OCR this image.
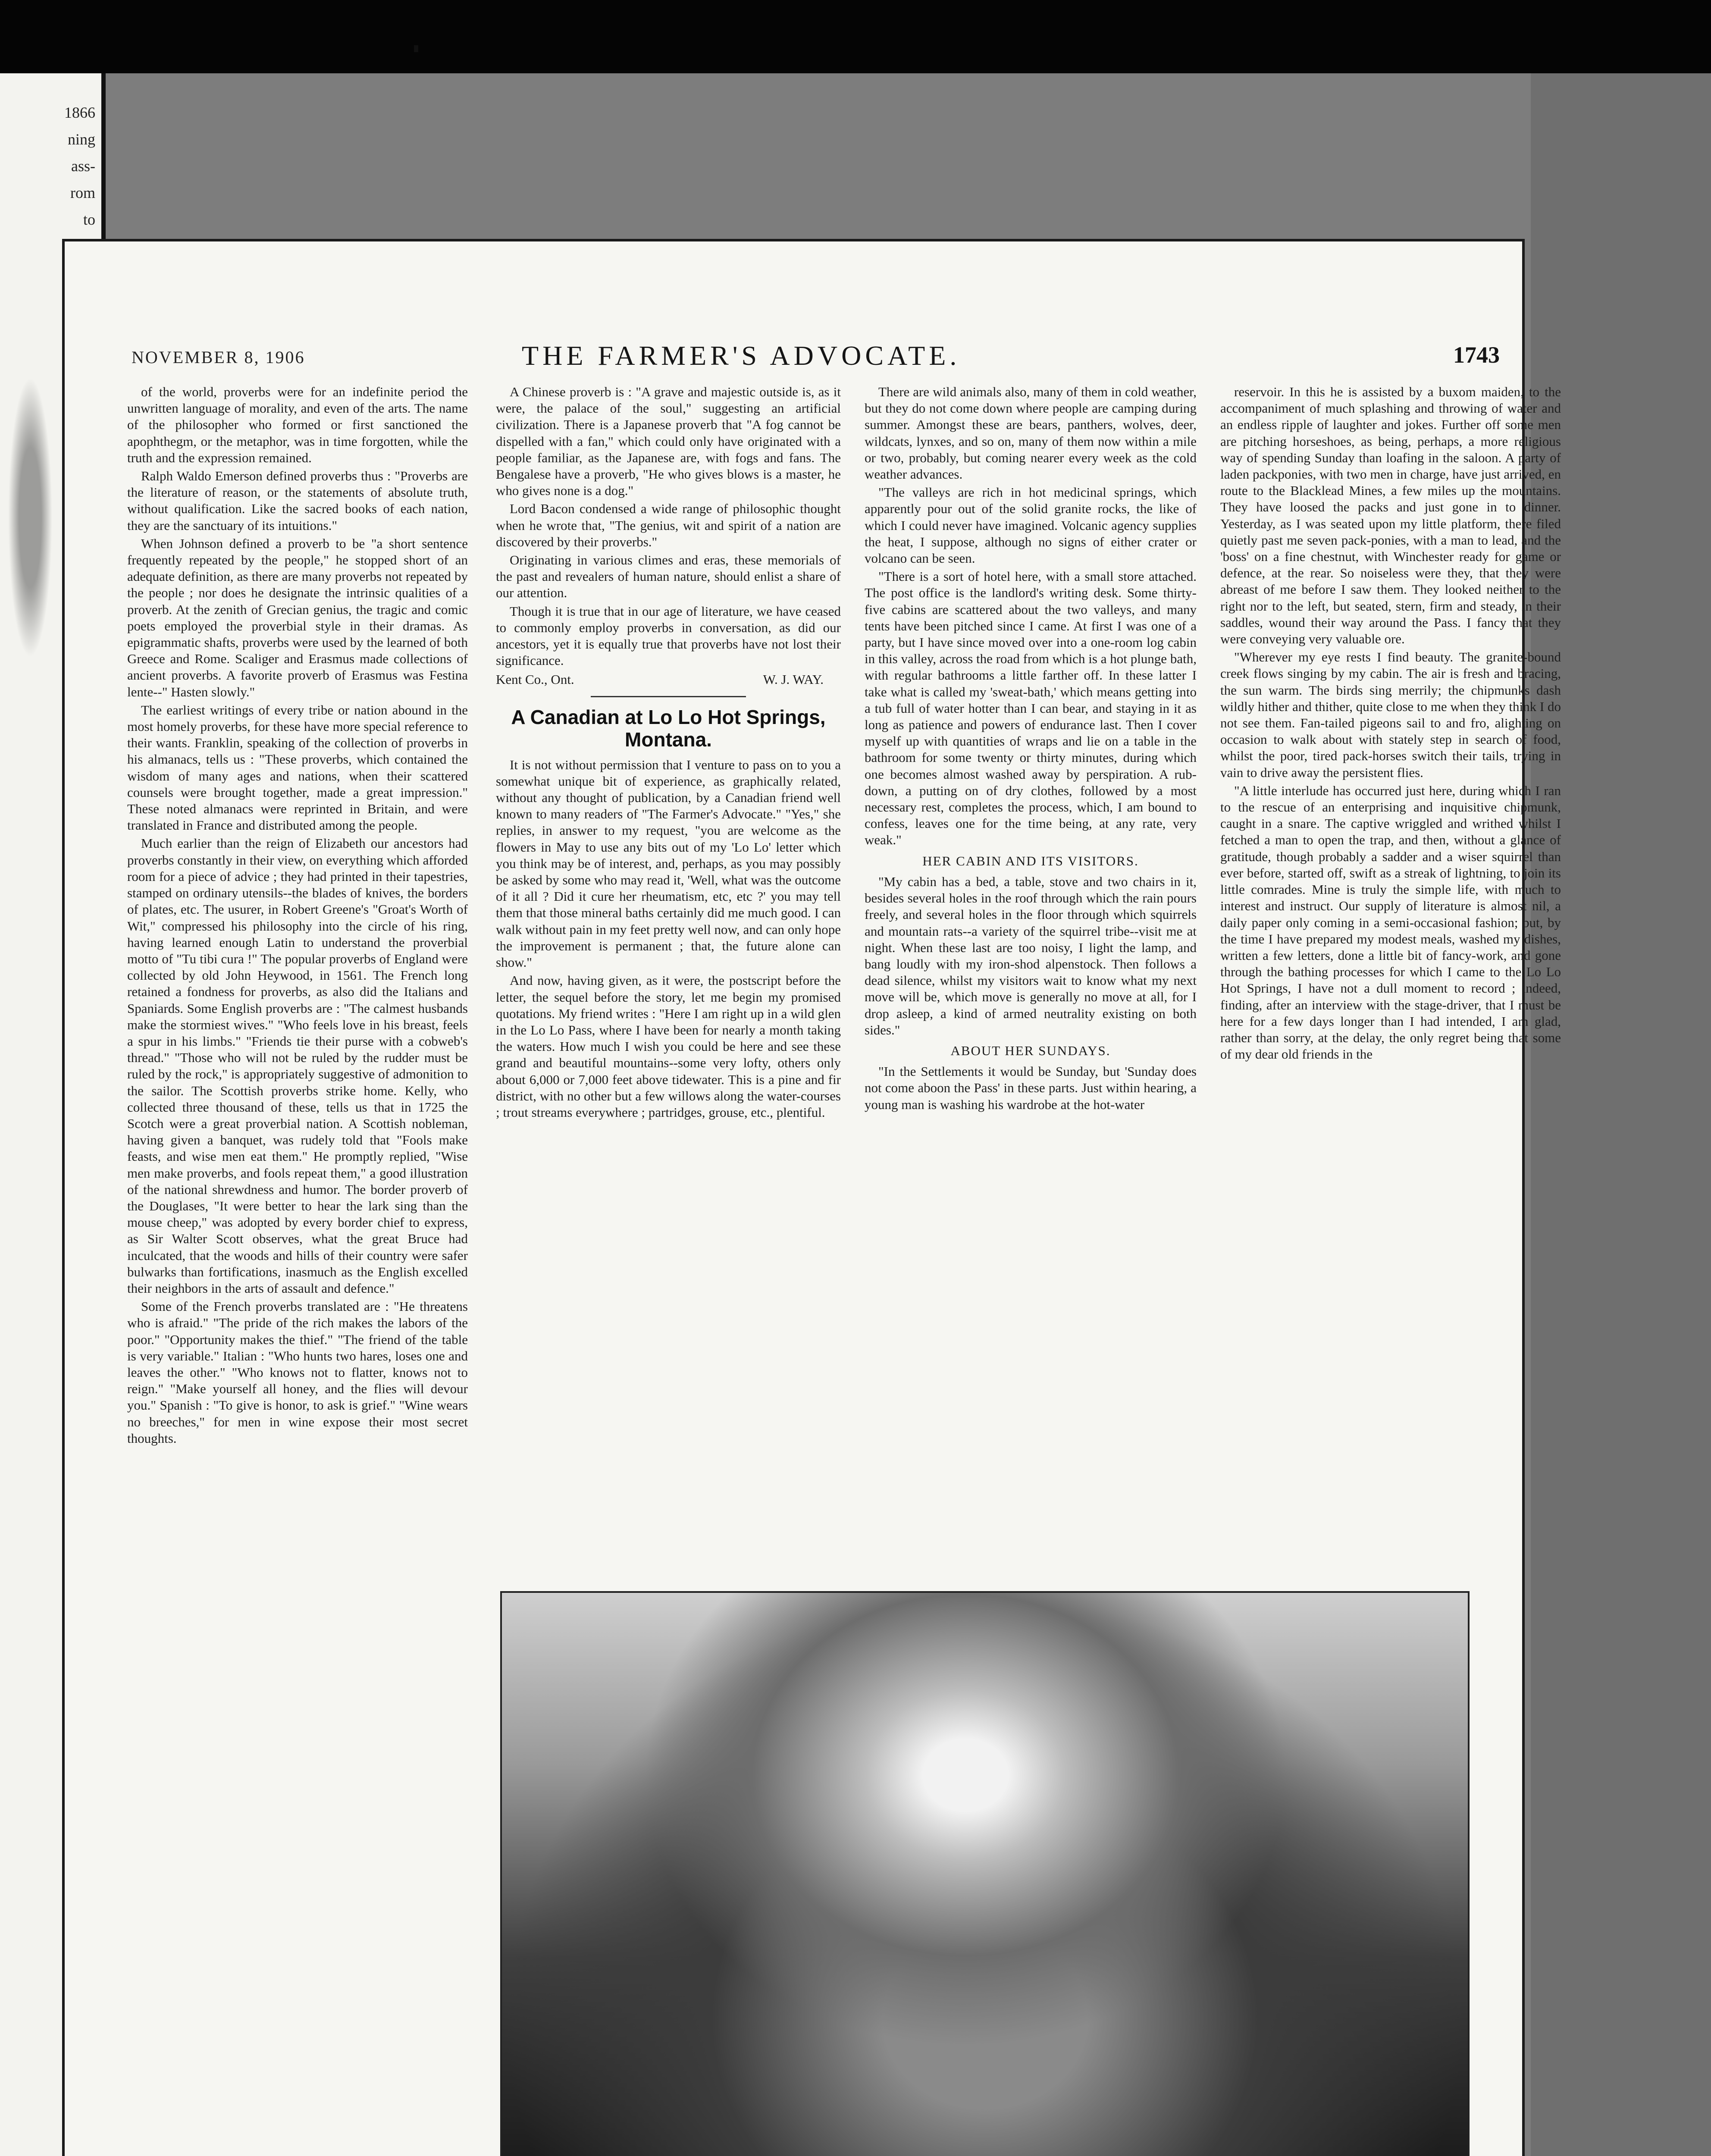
1866
ning
ass-
rom
to
NOVEMBER 8, 1906	THE FARMER'S ADVOCATE.	1743

of the world, proverbs were for an indefinite period the unwritten language of morality, and even of the arts. The name of the philosopher who formed or first sanctioned the apophthegm, or the metaphor, was in time forgotten, while the truth and the expression remained.

Ralph Waldo Emerson defined proverbs thus : "Proverbs are the literature of reason, or the statements of absolute truth, without qualification. Like the sacred books of each nation, they are the sanctuary of its intuitions."

When Johnson defined a proverb to be "a short sentence frequently repeated by the people," he stopped short of an adequate definition, as there are many proverbs not repeated by the people ; nor does he designate the intrinsic qualities of a proverb. At the zenith of Grecian genius, the tragic and comic poets employed the proverbial style in their dramas. As epigrammatic shafts, proverbs were used by the learned of both Greece and Rome. Scaliger and Erasmus made collections of ancient proverbs. A favorite proverb of Erasmus was Festina lente--" Hasten slowly."

The earliest writings of every tribe or nation abound in the most homely proverbs, for these have more special reference to their wants. Franklin, speaking of the collection of proverbs in his almanacs, tells us : "These proverbs, which contained the wisdom of many ages and nations, when their scattered counsels were brought together, made a great impression." These noted almanacs were reprinted in Britain, and were translated in France and distributed among the people.

Much earlier than the reign of Elizabeth our ancestors had proverbs constantly in their view, on everything which afforded room for a piece of advice ; they had printed in their tapestries, stamped on ordinary utensils--the blades of knives, the borders of plates, etc. The usurer, in Robert Greene's "Groat's Worth of Wit," compressed his philosophy into the circle of his ring, having learned enough Latin to understand the proverbial motto of "Tu tibi cura !" The popular proverbs of England were collected by old John Heywood, in 1561. The French long retained a fondness for proverbs, as also did the Italians and Spaniards. Some English proverbs are : "The calmest husbands make the stormiest wives." "Who feels love in his breast, feels a spur in his limbs." "Friends tie their purse with a cobweb's thread." "Those who will not be ruled by the rudder must be ruled by the rock," is appropriately suggestive of admonition to the sailor. The Scottish proverbs strike home. Kelly, who collected three thousand of these, tells us that in 1725 the Scotch were a great proverbial nation. A Scottish nobleman, having given a banquet, was rudely told that "Fools make feasts, and wise men eat them." He promptly replied, "Wise men make proverbs, and fools repeat them," a good illustration of the national shrewdness and humor. The border proverb of the Douglases, "It were better to hear the lark sing than the mouse cheep," was adopted by every border chief to express, as Sir Walter Scott observes, what the great Bruce had inculcated, that the woods and hills of their country were safer bulwarks than fortifications, inasmuch as the English excelled their neighbors in the arts of assault and defence."

Some of the French proverbs translated are : "He threatens who is afraid." "The pride of the rich makes the labors of the poor." "Opportunity makes the thief." "The friend of the table is very variable." Italian : "Who hunts two hares, loses one and leaves the other." "Who knows not to flatter, knows not to reign." "Make yourself all honey, and the flies will devour you." Spanish : "To give is honor, to ask is grief." "Wine wears no breeches," for men in wine expose their most secret thoughts.

A Chinese proverb is : "A grave and majestic outside is, as it were, the palace of the soul," suggesting an artificial civilization. There is a Japanese proverb that "A fog cannot be dispelled with a fan," which could only have originated with a people familiar, as the Japanese are, with fogs and fans. The Bengalese have a proverb, "He who gives blows is a master, he who gives none is a dog."

Lord Bacon condensed a wide range of philosophic thought when he wrote that, "The genius, wit and spirit of a nation are discovered by their proverbs."

Originating in various climes and eras, these memorials of the past and revealers of human nature, should enlist a share of our attention.

Though it is true that in our age of literature, we have ceased to commonly employ proverbs in conversation, as did our ancestors, yet it is equally true that proverbs have not lost their significance.

Kent Co., Ont.	W. J. WAY.
A Canadian at Lo Lo Hot Springs, Montana.

It is not without permission that I venture to pass on to you a somewhat unique bit of experience, as graphically related, without any thought of publication, by a Canadian friend well known to many readers of "The Farmer's Advocate." "Yes," she replies, in answer to my request, "you are welcome as the flowers in May to use any bits out of my 'Lo Lo' letter which you think may be of interest, and, perhaps, as you may possibly be asked by some who may read it, 'Well, what was the outcome of it all ? Did it cure her rheumatism, etc, etc ?' you may tell them that those mineral baths certainly did me much good. I can walk without pain in my feet pretty well now, and can only hope the improvement is permanent ; that, the future alone can show."

And now, having given, as it were, the postscript before the letter, the sequel before the story, let me begin my promised quotations. My friend writes : "Here I am right up in a wild glen in the Lo Lo Pass, where I have been for nearly a month taking the waters. How much I wish you could be here and see these grand and beautiful mountains--some very lofty, others only about 6,000 or 7,000 feet above tidewater. This is a pine and fir district, with no other but a few willows along the water-courses ; trout streams everywhere ; partridges, grouse, etc., plentiful.

There are wild animals also, many of them in cold weather, but they do not come down where people are camping during summer. Amongst these are bears, panthers, wolves, deer, wildcats, lynxes, and so on, many of them now within a mile or two, probably, but coming nearer every week as the cold weather advances.

"The valleys are rich in hot medicinal springs, which apparently pour out of the solid granite rocks, the like of which I could never have imagined. Volcanic agency supplies the heat, I suppose, although no signs of either crater or volcano can be seen.

"There is a sort of hotel here, with a small store attached. The post office is the landlord's writing desk. Some thirty-five cabins are scattered about the two valleys, and many tents have been pitched since I came. At first I was one of a party, but I have since moved over into a one-room log cabin in this valley, across the road from which is a hot plunge bath, with regular bathrooms a little farther off. In these latter I take what is called my 'sweat-bath,' which means getting into a tub full of water hotter than I can bear, and staying in it as long as patience and powers of endurance last. Then I cover myself up with quantities of wraps and lie on a table in the bathroom for some twenty or thirty minutes, during which one becomes almost washed away by perspiration. A rub-down, a putting on of dry clothes, followed by a most necessary rest, completes the process, which, I am bound to confess, leaves one for the time being, at any rate, very weak."

HER CABIN AND ITS VISITORS.

"My cabin has a bed, a table, stove and two chairs in it, besides several holes in the roof through which the rain pours freely, and several holes in the floor through which squirrels and mountain rats--a variety of the squirrel tribe--visit me at night. When these last are too noisy, I light the lamp, and bang loudly with my iron-shod alpenstock. Then follows a dead silence, whilst my visitors wait to know what my next move will be, which move is generally no move at all, for I drop asleep, a kind of armed neutrality existing on both sides."

ABOUT HER SUNDAYS.

"In the Settlements it would be Sunday, but 'Sunday does not come aboon the Pass' in these parts. Just within hearing, a young man is washing his wardrobe at the hot-water

reservoir. In this he is assisted by a buxom maiden, to the accompaniment of much splashing and throwing of water and an endless ripple of laughter and jokes. Further off some men are pitching horseshoes, as being, perhaps, a more religious way of spending Sunday than loafing in the saloon. A party of laden packponies, with two men in charge, have just arrived, en route to the Blacklead Mines, a few miles up the mountains. They have loosed the packs and just gone in to dinner. Yesterday, as I was seated upon my little platform, there filed quietly past me seven pack-ponies, with a man to lead, and the 'boss' on a fine chestnut, with Winchester ready for game or defence, at the rear. So noiseless were they, that they were abreast of me before I saw them. They looked neither to the right nor to the left, but seated, stern, firm and steady, in their saddles, wound their way around the Pass. I fancy that they were conveying very valuable ore.

"Wherever my eye rests I find beauty. The granite-bound creek flows singing by my cabin. The air is fresh and bracing, the sun warm. The birds sing merrily; the chipmunks dash wildly hither and thither, quite close to me when they think I do not see them. Fan-tailed pigeons sail to and fro, alighting on occasion to walk about with stately step in search of food, whilst the poor, tired pack-horses switch their tails, trying in vain to drive away the persistent flies.

"A little interlude has occurred just here, during which I ran to the rescue of an enterprising and inquisitive chipmunk, caught in a snare. The captive wriggled and writhed whilst I fetched a man to open the trap, and then, without a glance of gratitude, though probably a sadder and a wiser squirrel than ever before, started off, swift as a streak of lightning, to join its little comrades. Mine is truly the simple life, with much to interest and instruct. Our supply of literature is almost nil, a daily paper only coming in a semi-occasional fashion; but, by the time I have prepared my modest meals, washed my dishes, written a few letters, done a little bit of fancy-work, and gone through the bathing processes for which I came to the Lo Lo Hot Springs, I have not a dull moment to record ; indeed, finding, after an interview with the stage-driver, that I must be here for a few days longer than I had intended, I am glad, rather than sorry, at the delay, the only regret being that some of my dear old friends in the
